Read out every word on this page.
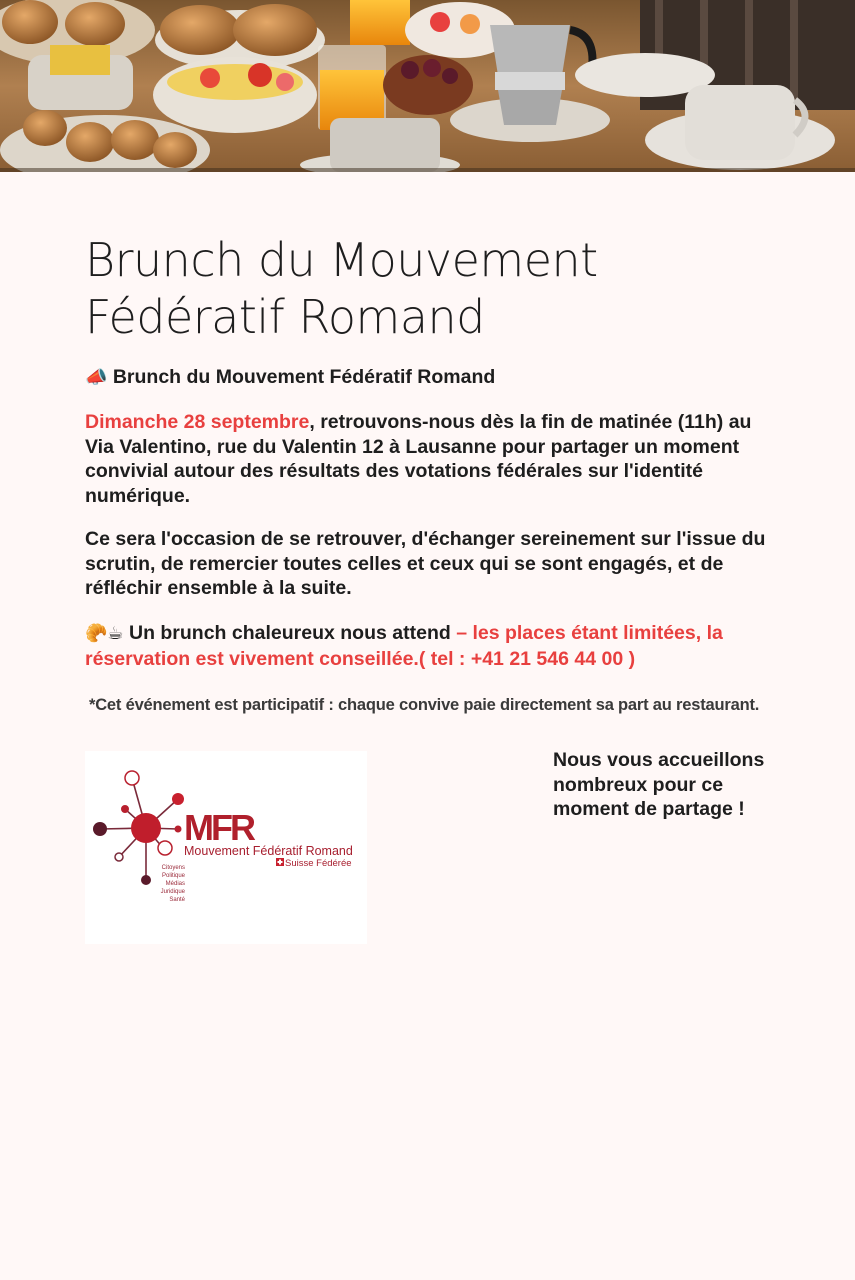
Brunch du Mouvement Fédératif Romand

📣 Brunch du Mouvement Fédératif Romand

Dimanche 28 septembre, retrouvons-nous dès la fin de matinée (11h) au Via Valentino, rue du Valentin 12 à Lausanne pour partager un moment convivial autour des résultats des votations fédérales sur l'identité numérique.

Ce sera l'occasion de se retrouver, d'échanger sereinement sur l'issue du scrutin, de remercier toutes celles et ceux qui se sont engagés, et de réfléchir ensemble à la suite.

🥐☕ Un brunch chaleureux nous attend – les places étant limitées, la réservation est vivement conseillée.( tel : +41 21 546 44 00 )

*Cet événement est participatif : chaque convive paie directement sa part au restaurant.

MFR
Mouvement Fédératif Romand
Suisse Fédérée
Citoyens
Politique
Médias
Juridique
Santé

Nous vous accueillons nombreux pour ce moment de partage !
